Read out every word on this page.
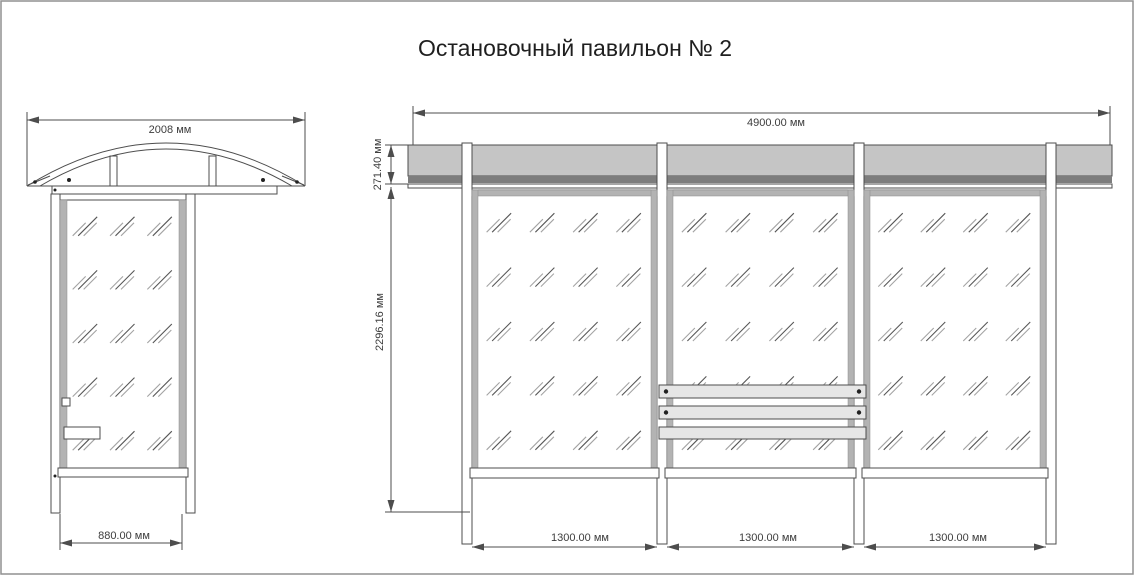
Остановочный павильон № 2
2008 мм
880.00 мм
4900.00 мм
271.40 мм
2296.16 мм
1300.00 мм	1300.00 мм	1300.00 мм
